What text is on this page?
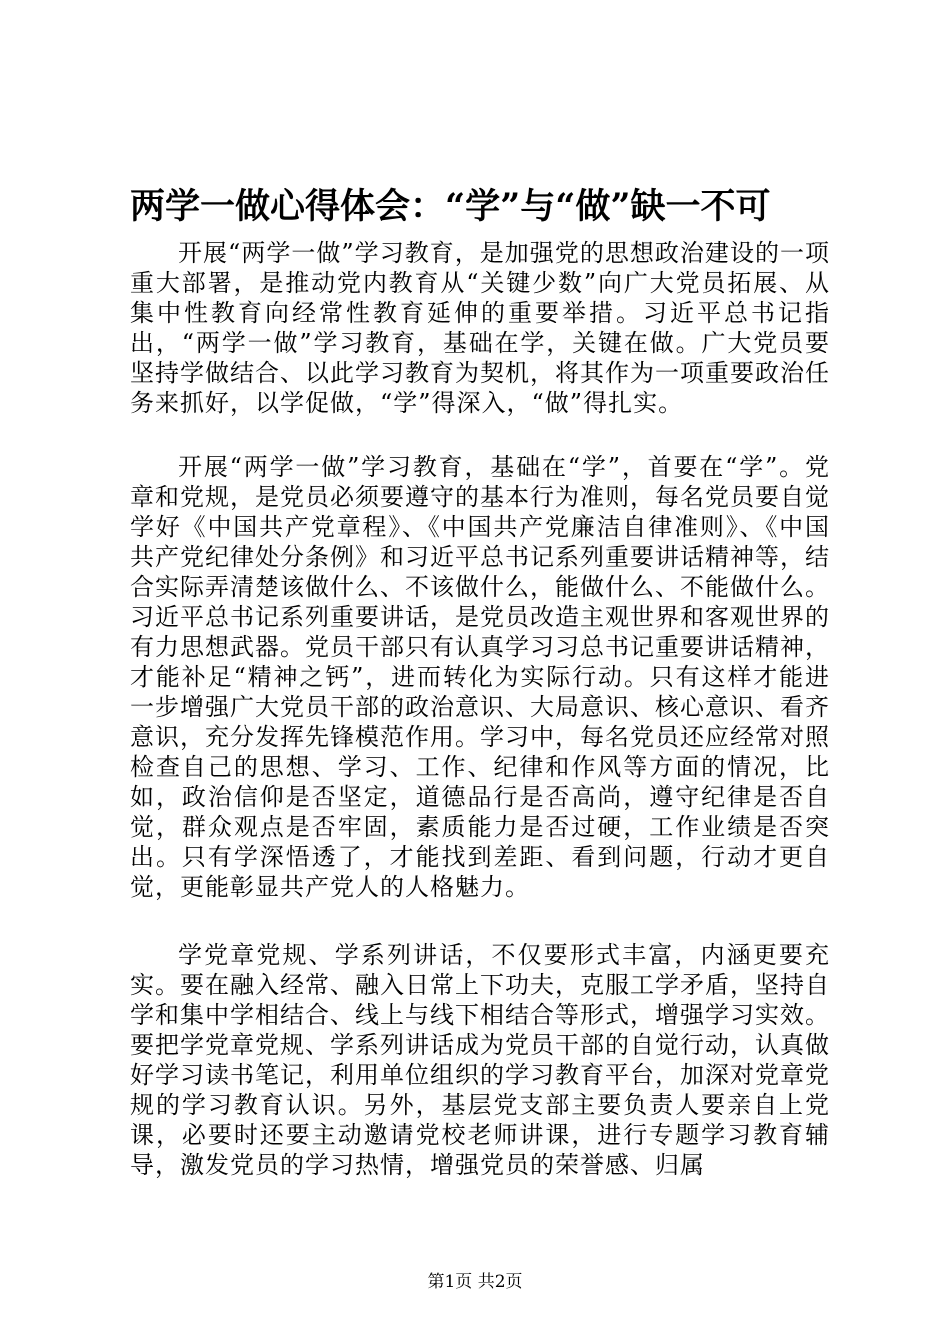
两学一做心得体会：“学”与“做”缺一不可

开展“两学一做”学习教育，是加强党的思想政治建设的一项重大部署，是推动党内教育从“关键少数”向广大党员拓展、从集中性教育向经常性教育延伸的重要举措。习近平总书记指出，“两学一做”学习教育，基础在学，关键在做。广大党员要坚持学做结合、以此学习教育为契机，将其作为一项重要政治任务来抓好，以学促做，“学”得深入，“做”得扎实。

开展“两学一做”学习教育，基础在“学”，首要在“学”。党章和党规，是党员必须要遵守的基本行为准则，每名党员要自觉学好《中国共产党章程》、《中国共产党廉洁自律准则》、《中国共产党纪律处分条例》和习近平总书记系列重要讲话精神等，结合实际弄清楚该做什么、不该做什么，能做什么、不能做什么。习近平总书记系列重要讲话，是党员改造主观世界和客观世界的有力思想武器。党员干部只有认真学习习总书记重要讲话精神，才能补足“精神之钙”，进而转化为实际行动。只有这样才能进一步增强广大党员干部的政治意识、大局意识、核心意识、看齐意识，充分发挥先锋模范作用。学习中，每名党员还应经常对照检查自己的思想、学习、工作、纪律和作风等方面的情况，比如，政治信仰是否坚定，道德品行是否高尚，遵守纪律是否自觉，群众观点是否牢固，素质能力是否过硬，工作业绩是否突出。只有学深悟透了，才能找到差距、看到问题，行动才更自觉，更能彰显共产党人的人格魅力。

学党章党规、学系列讲话，不仅要形式丰富，内涵更要充实。要在融入经常、融入日常上下功夫，克服工学矛盾，坚持自学和集中学相结合、线上与线下相结合等形式，增强学习实效。要把学党章党规、学系列讲话成为党员干部的自觉行动，认真做好学习读书笔记，利用单位组织的学习教育平台，加深对党章党规的学习教育认识。另外，基层党支部主要负责人要亲自上党课，必要时还要主动邀请党校老师讲课，进行专题学习教育辅导，激发党员的学习热情，增强党员的荣誉感、归属

第1页 共2页
